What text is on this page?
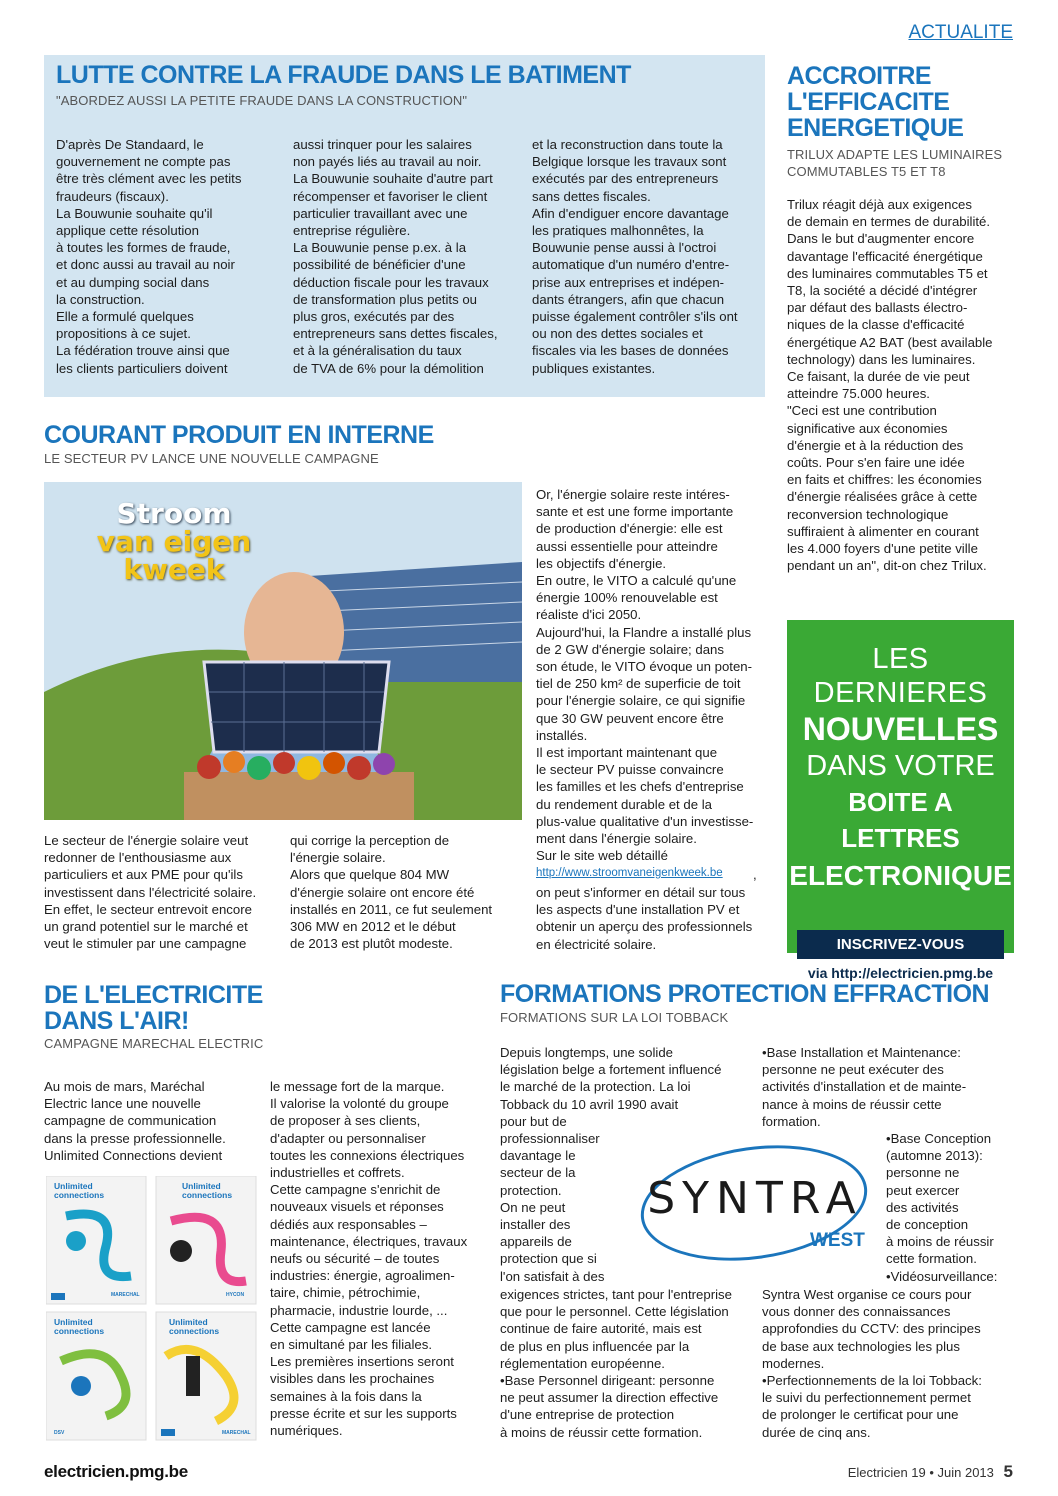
ACTUALITE
LUTTE CONTRE LA FRAUDE DANS LE BATIMENT
"ABORDEZ AUSSI LA PETITE FRAUDE DANS LA CONSTRUCTION"
D'après De Standaard, le
gouvernement ne compte pas
être très clément avec les petits
fraudeurs (fiscaux).
La Bouwunie souhaite qu'il
applique cette résolution
à toutes les formes de fraude,
et donc aussi au travail au noir
et au dumping social dans
la construction.
Elle a formulé quelques
propositions à ce sujet.
La fédération trouve ainsi que
les clients particuliers doivent
aussi trinquer pour les salaires
non payés liés au travail au noir.
La Bouwunie souhaite d'autre part
récompenser et favoriser le client
particulier travaillant avec une
entreprise régulière.
La Bouwunie pense p.ex. à la
possibilité de bénéficier d'une
déduction fiscale pour les travaux
de transformation plus petits ou
plus gros, exécutés par des
entrepreneurs sans dettes fiscales,
et à la généralisation du taux
de TVA de 6% pour la démolition
et la reconstruction dans toute la
Belgique lorsque les travaux sont
exécutés par des entrepreneurs
sans dettes fiscales.
Afin d'endiguer encore davantage
les pratiques malhonnêtes, la
Bouwunie pense aussi à l'octroi
automatique d'un numéro d'entre-
prise aux entreprises et indépen-
dants étrangers, afin que chacun
puisse également contrôler s'ils ont
ou non des dettes sociales et
fiscales via les bases de données
publiques existantes.
ACCROITRE
L'EFFICACITE
ENERGETIQUE
TRILUX ADAPTE LES LUMINAIRES
COMMUTABLES T5 ET T8
Trilux réagit déjà aux exigences
de demain en termes de durabilité.
Dans le but d'augmenter encore
davantage l'efficacité énergétique
des luminaires commutables T5 et
T8, la société a décidé d'intégrer
par défaut des ballasts électro-
niques de la classe d'efficacité
énergétique A2 BAT (best available
technology) dans les luminaires.
Ce faisant, la durée de vie peut
atteindre 75.000 heures.
"Ceci est une contribution
significative aux économies
d'énergie et à la réduction des
coûts. Pour s'en faire une idée
en faits et chiffres: les économies
d'énergie réalisées grâce à cette
reconversion technologique
suffiraient à alimenter en courant
les 4.000 foyers d'une petite ville
pendant un an", dit-on chez Trilux.
COURANT PRODUIT EN INTERNE
LE SECTEUR PV LANCE UNE NOUVELLE CAMPAGNE
Stroom
van eigen
kweek
Le secteur de l'énergie solaire veut
redonner de l'enthousiasme aux
particuliers et aux PME pour qu'ils
investissent dans l'électricité solaire.
En effet, le secteur entrevoit encore
un grand potentiel sur le marché et
veut le stimuler par une campagne
qui corrige la perception de
l'énergie solaire.
Alors que quelque 804 MW
d'énergie solaire ont encore été
installés en 2011, ce fut seulement
306 MW en 2012 et le début
de 2013 est plutôt modeste.
Or, l'énergie solaire reste intéres-
sante et est une forme importante
de production d'énergie: elle est
aussi essentielle pour atteindre
les objectifs d'énergie.
En outre, le VITO a calculé qu'une
énergie 100% renouvelable est
réaliste d'ici 2050.
Aujourd'hui, la Flandre a installé plus
de 2 GW d'énergie solaire; dans
son étude, le VITO évoque un poten-
tiel de 250 km² de superficie de toit
pour l'énergie solaire, ce qui signifie
que 30 GW peuvent encore être
installés.
Il est important maintenant que
le secteur PV puisse convaincre
les familles et les chefs d'entreprise
du rendement durable et de la
plus-value qualitative d'un investisse-
ment dans l'énergie solaire.
Sur le site web détaillé
http://www.stroomvaneigenkweek.be ,
on peut s'informer en détail sur tous
les aspects d'une installation PV et
obtenir un aperçu des professionnels
en électricité solaire.
LES DERNIERES
NOUVELLES
DANS VOTRE
BOITE A LETTRES
ELECTRONIQUE
INSCRIVEZ-VOUS
via http://electricien.pmg.be
DE L'ELECTRICITE
DANS L'AIR!
CAMPAGNE MARECHAL ELECTRIC
Au mois de mars, Maréchal
Electric lance une nouvelle
campagne de communication
dans la presse professionnelle.
Unlimited Connections devient
le message fort de la marque.
Il valorise la volonté du groupe
de proposer à ses clients,
d'adapter ou personnaliser
toutes les connexions électriques
industrielles et coffrets.
Cette campagne s'enrichit de
nouveaux visuels et réponses
dédiés aux responsables –
maintenance, électriques, travaux
neufs ou sécurité – de toutes
industries: énergie, agroalimen-
taire, chimie, pétrochimie,
pharmacie, industrie lourde, ...
Cette campagne est lancée
en simultané par les filiales.
Les premières insertions seront
visibles dans les prochaines
semaines à la fois dans la
presse écrite et sur les supports
numériques.
Unlimited
connections
Unlimited
connections
Unlimited
connections
Unlimited
connections
MARECHAL	HYCON
DSV	MARECHAL
FORMATIONS PROTECTION EFFRACTION
FORMATIONS SUR LA LOI TOBBACK
Depuis longtemps, une solide
législation belge a fortement influencé
le marché de la protection. La loi
Tobback du 10 avril 1990 avait
pour but de
professionnaliser
davantage le
secteur de la
protection.
On ne peut
installer des
appareils de
protection que si
l'on satisfait à des
exigences strictes, tant pour l'entreprise
que pour le personnel. Cette législation
continue de faire autorité, mais est
de plus en plus influencée par la
réglementation européenne.
•Base Personnel dirigeant: personne
ne peut assumer la direction effective
d'une entreprise de protection
à moins de réussir cette formation.
•Base Installation et Maintenance:
personne ne peut exécuter des
activités d'installation et de mainte-
nance à moins de réussir cette
formation.
•Base Conception
(automne 2013):
personne ne
peut exercer
des activités
de conception
à moins de réussir
cette formation.
•Vidéosurveillance:
Syntra West organise ce cours pour
vous donner des connaissances
approfondies du CCTV: des principes
de base aux technologies les plus
modernes.
•Perfectionnements de la loi Tobback:
le suivi du perfectionnement permet
de prolonger le certificat pour une
durée de cinq ans.
SYNTRA
WEST
electricien.pmg.be	Electricien 19 • Juin 2013 5
